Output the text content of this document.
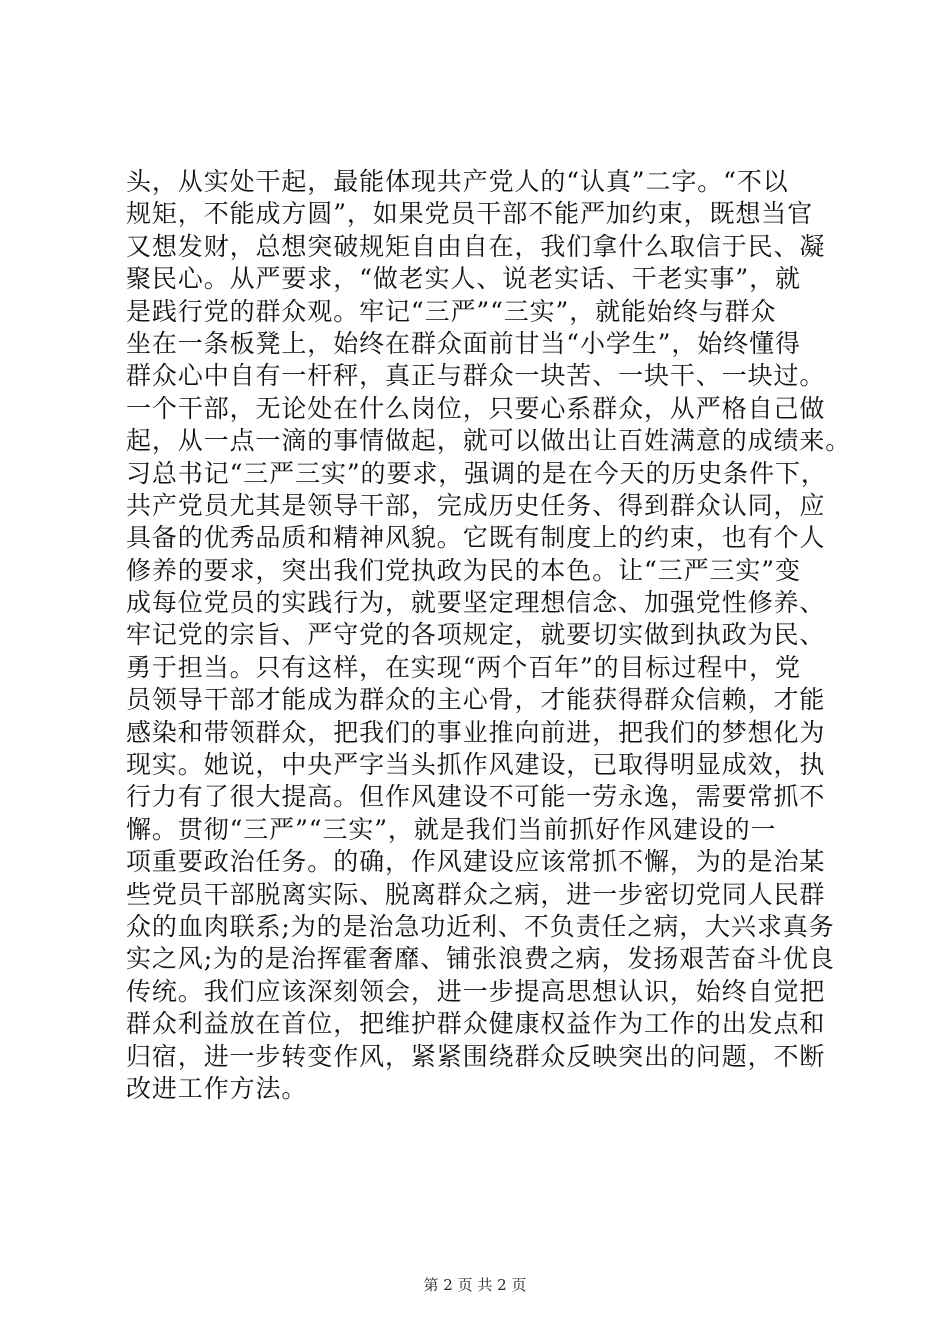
头，从实处干起，最能体现共产党人的“认真”二字。“不以
规矩，不能成方圆”，如果党员干部不能严加约束，既想当官
又想发财，总想突破规矩自由自在，我们拿什么取信于民、凝
聚民心。从严要求，“做老实人、说老实话、干老实事”，就
是践行党的群众观。牢记“三严”“三实”，就能始终与群众
坐在一条板凳上，始终在群众面前甘当“小学生”，始终懂得
群众心中自有一杆秤，真正与群众一块苦、一块干、一块过。
一个干部，无论处在什么岗位，只要心系群众，从严格自己做
起，从一点一滴的事情做起，就可以做出让百姓满意的成绩来。
习总书记“三严三实”的要求，强调的是在今天的历史条件下，
共产党员尤其是领导干部，完成历史任务、得到群众认同，应
具备的优秀品质和精神风貌。它既有制度上的约束，也有个人
修养的要求，突出我们党执政为民的本色。让“三严三实”变
成每位党员的实践行为，就要坚定理想信念、加强党性修养、
牢记党的宗旨、严守党的各项规定，就要切实做到执政为民、
勇于担当。只有这样，在实现“两个百年”的目标过程中，党
员领导干部才能成为群众的主心骨，才能获得群众信赖，才能
感染和带领群众，把我们的事业推向前进，把我们的梦想化为
现实。她说，中央严字当头抓作风建设，已取得明显成效，执
行力有了很大提高。但作风建设不可能一劳永逸，需要常抓不
懈。贯彻“三严”“三实”，就是我们当前抓好作风建设的一
项重要政治任务。的确，作风建设应该常抓不懈，为的是治某
些党员干部脱离实际、脱离群众之病，进一步密切党同人民群
众的血肉联系;为的是治急功近利、不负责任之病，大兴求真务
实之风;为的是治挥霍奢靡、铺张浪费之病，发扬艰苦奋斗优良
传统。我们应该深刻领会，进一步提高思想认识，始终自觉把
群众利益放在首位，把维护群众健康权益作为工作的出发点和
归宿，进一步转变作风，紧紧围绕群众反映突出的问题，不断
改进工作方法。
第 2 页 共 2 页
